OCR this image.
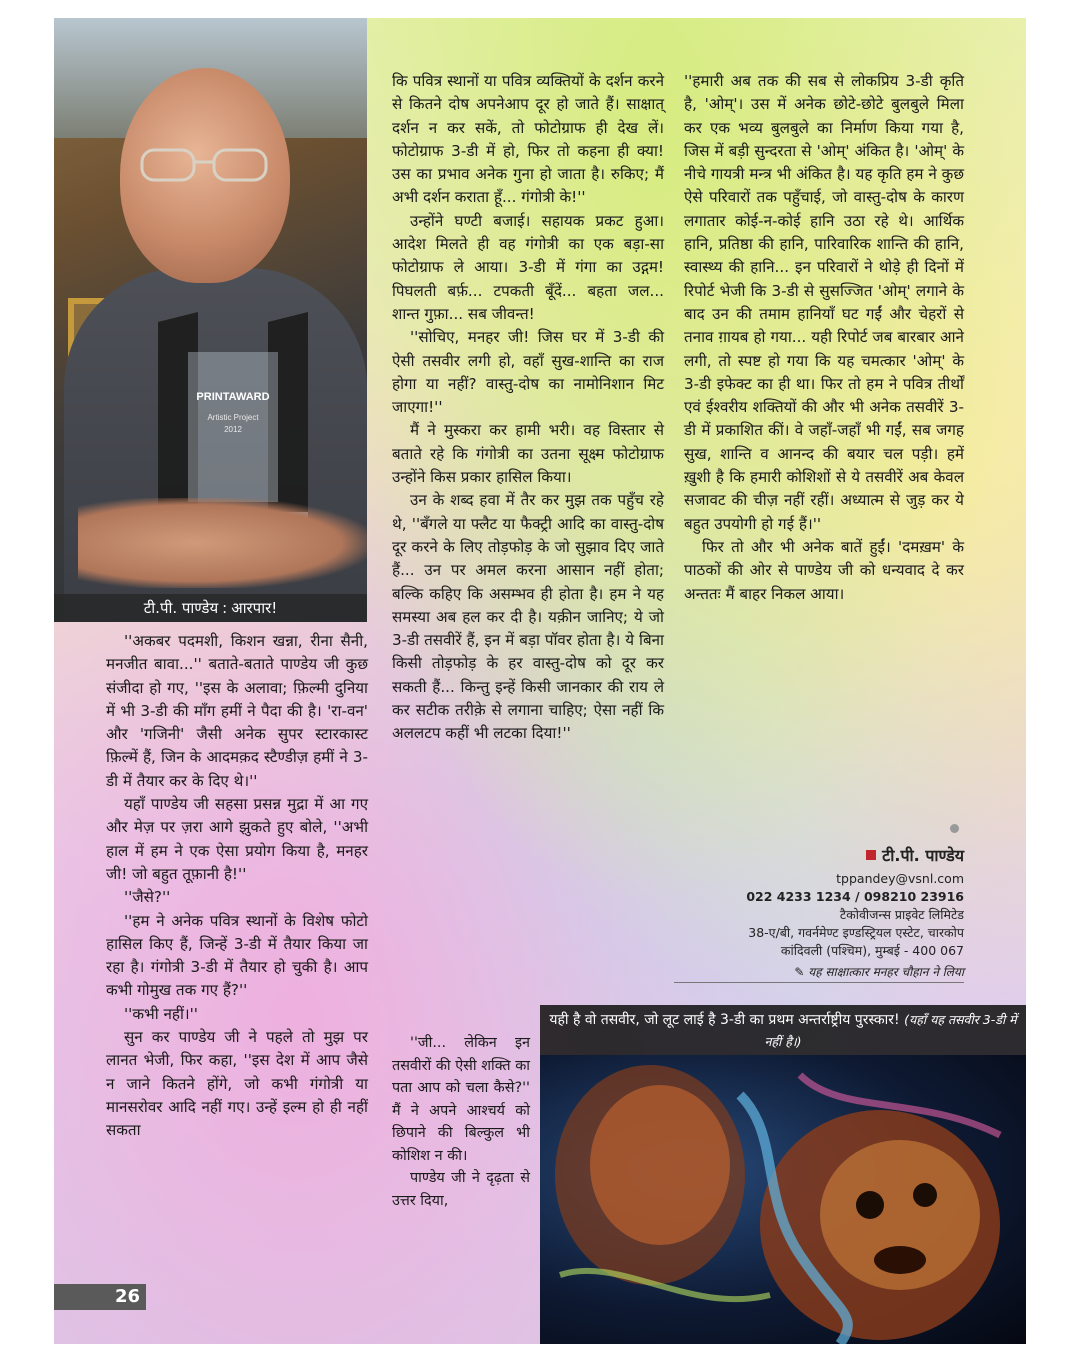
PRINTAWARD
Artistic Project
2012
टी.पी. पाण्डेय : आरपार!

''अकबर पदमशी, किशन खन्ना, रीना सैनी, मनजीत बावा...'' बताते-बताते पाण्डेय जी कुछ संजीदा हो गए, ''इस के अलावा; फ़िल्मी दुनिया में भी 3-डी की माँग हमीं ने पैदा की है। 'रा-वन' और 'गजिनी' जैसी अनेक सुपर स्टारकास्ट फ़िल्में हैं, जिन के आदमक़द स्टैण्डीज़ हमीं ने 3-डी में तैयार कर के दिए थे।''

यहाँ पाण्डेय जी सहसा प्रसन्न मुद्रा में आ गए और मेज़ पर ज़रा आगे झुकते हुए बोले, ''अभी हाल में हम ने एक ऐसा प्रयोग किया है, मनहर जी! जो बहुत तूफ़ानी है!''

''जैसे?''

''हम ने अनेक पवित्र स्थानों के विशेष फोटो हासिल किए हैं, जिन्हें 3-डी में तैयार किया जा रहा है। गंगोत्री 3-डी में तैयार हो चुकी है। आप कभी गोमुख तक गए हैं?''

''कभी नहीं।''

सुन कर पाण्डेय जी ने पहले तो मुझ पर लानत भेजी, फिर कहा, ''इस देश में आप जैसे न जाने कितने होंगे, जो कभी गंगोत्री या मानसरोवर आदि नहीं गए। उन्हें इल्म हो ही नहीं सकता

कि पवित्र स्थानों या पवित्र व्यक्तियों के दर्शन करने से कितने दोष अपनेआप दूर हो जाते हैं। साक्षात् दर्शन न कर सकें, तो फोटोग्राफ ही देख लें। फोटोग्राफ 3-डी में हो, फिर तो कहना ही क्या! उस का प्रभाव अनेक गुना हो जाता है। रुकिए; मैं अभी दर्शन कराता हूँ... गंगोत्री के!''

उन्होंने घण्टी बजाई। सहायक प्रकट हुआ। आदेश मिलते ही वह गंगोत्री का एक बड़ा-सा फोटोग्राफ ले आया। 3-डी में गंगा का उद्गम! पिघलती बर्फ़... टपकती बूँदें... बहता जल... शान्त गुफ़ा... सब जीवन्त!

''सोचिए, मनहर जी! जिस घर में 3-डी की ऐसी तसवीर लगी हो, वहाँ सुख-शान्ति का राज होगा या नहीं? वास्तु-दोष का नामोनिशान मिट जाएगा!''

मैं ने मुस्करा कर हामी भरी। वह विस्तार से बताते रहे कि गंगोत्री का उतना सूक्ष्म फोटोग्राफ उन्होंने किस प्रकार हासिल किया।

उन के शब्द हवा में तैर कर मुझ तक पहुँच रहे थे, ''बँगले या फ्लैट या फैक्ट्री आदि का वास्तु-दोष दूर करने के लिए तोड़फोड़ के जो सुझाव दिए जाते हैं... उन पर अमल करना आसान नहीं होता; बल्कि कहिए कि असम्भव ही होता है। हम ने यह समस्या अब हल कर दी है। यक़ीन जानिए; ये जो 3-डी तसवीरें हैं, इन में बड़ा पॉवर होता है। ये बिना किसी तोड़फोड़ के हर वास्तु-दोष को दूर कर सकती हैं... किन्तु इन्हें किसी जानकार की राय ले कर सटीक तरीक़े से लगाना चाहिए; ऐसा नहीं कि अललटप कहीं भी लटका दिया!''

''जी... लेकिन इन तसवीरों की ऐसी शक्ति का पता आप को चला कैसे?'' मैं ने अपने आश्चर्य को छिपाने की बिल्कुल भी कोशिश न की।

पाण्डेय जी ने दृढ़ता से उत्तर दिया,

''हमारी अब तक की सब से लोकप्रिय 3-डी कृति है, 'ओम्'। उस में अनेक छोटे-छोटे बुलबुले मिला कर एक भव्य बुलबुले का निर्माण किया गया है, जिस में बड़ी सुन्दरता से 'ओम्' अंकित है। 'ओम्' के नीचे गायत्री मन्त्र भी अंकित है। यह कृति हम ने कुछ ऐसे परिवारों तक पहुँचाई, जो वास्तु-दोष के कारण लगातार कोई-न-कोई हानि उठा रहे थे। आर्थिक हानि, प्रतिष्ठा की हानि, पारिवारिक शान्ति की हानि, स्वास्थ्य की हानि... इन परिवारों ने थोड़े ही दिनों में रिपोर्ट भेजी कि 3-डी से सुसज्जित 'ओम्' लगाने के बाद उन की तमाम हानियाँ घट गईं और चेहरों से तनाव ग़ायब हो गया... यही रिपोर्ट जब बारबार आने लगी, तो स्पष्ट हो गया कि यह चमत्कार 'ओम्' के 3-डी इफेक्ट का ही था। फिर तो हम ने पवित्र तीर्थों एवं ईश्वरीय शक्तियों की और भी अनेक तसवीरें 3-डी में प्रकाशित कीं। वे जहाँ-जहाँ भी गईं, सब जगह सुख, शान्ति व आनन्द की बयार चल पड़ी। हमें ख़ुशी है कि हमारी कोशिशों से ये तसवीरें अब केवल सजावट की चीज़ नहीं रहीं। अध्यात्म से जुड़ कर ये बहुत उपयोगी हो गई हैं।''

फिर तो और भी अनेक बातें हुईं। 'दमख़म' के पाठकों की ओर से पाण्डेय जी को धन्यवाद दे कर अन्ततः मैं बाहर निकल आया।

टी.पी. पाण्डेय
tppandey@vsnl.com
022 4233 1234 / 098210 23916
टैकोवीजन्स प्राइवेट लिमिटेड
38-ए/बी, गवर्नमेण्ट इण्डस्ट्रियल एस्टेट, चारकोप
कांदिवली (पश्चिम), मुम्बई - 400 067
✎ यह साक्षात्कार मनहर चौहान ने लिया
यही है वो तसवीर, जो लूट लाई है 3-डी का प्रथम अन्तर्राष्ट्रीय पुरस्कार! (यहाँ यह तसवीर 3-डी में नहीं है।)
26
